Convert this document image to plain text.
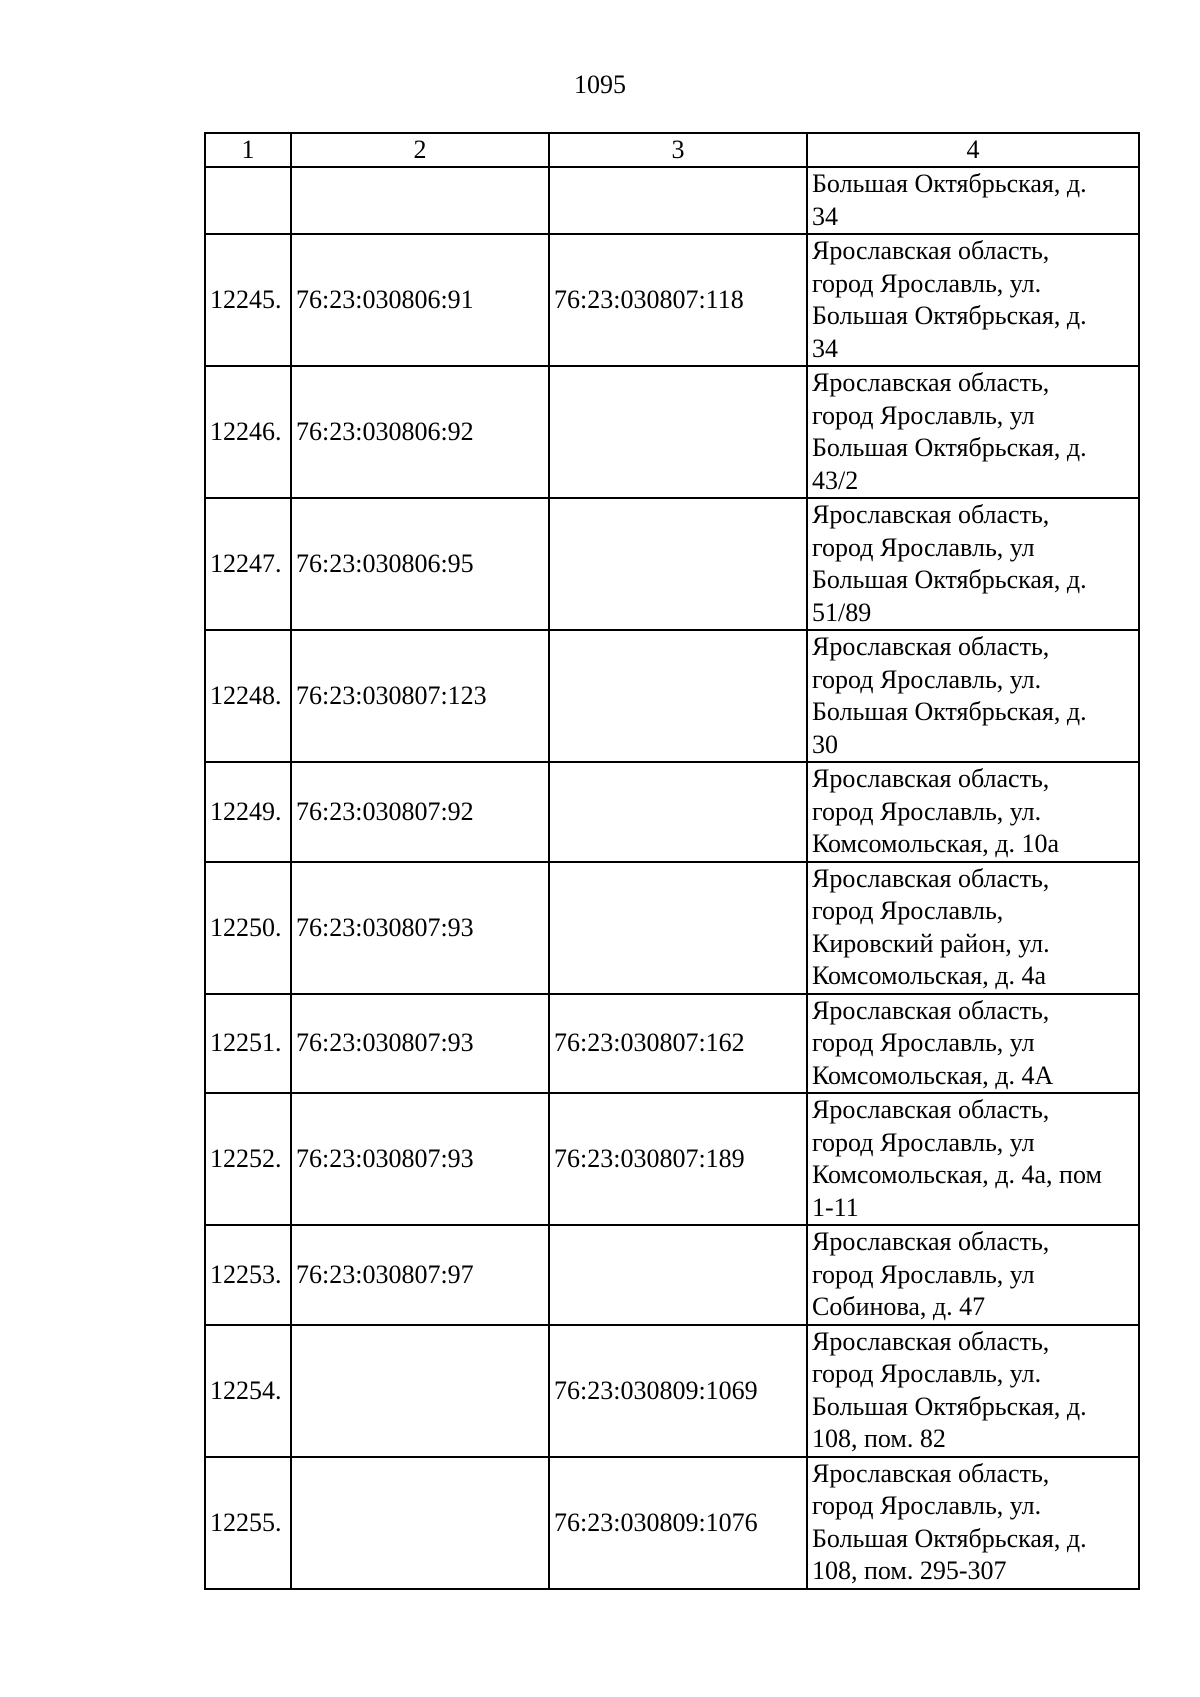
1095
1	2	3	4

			Большая Октябрьская, д.
34

12245.	76:23:030806:91	76:23:030807:118	Ярославская область,
город Ярославль, ул.
Большая Октябрьская, д.
34

12246.	76:23:030806:92		Ярославская область,
город Ярославль, ул
Большая Октябрьская, д.
43/2

12247.	76:23:030806:95		Ярославская область,
город Ярославль, ул
Большая Октябрьская, д.
51/89

12248.	76:23:030807:123		Ярославская область,
город Ярославль, ул.
Большая Октябрьская, д.
30

12249.	76:23:030807:92		Ярославская область,
город Ярославль, ул.
Комсомольская, д. 10а

12250.	76:23:030807:93		Ярославская область,
город Ярославль,
Кировский район, ул.
Комсомольская, д. 4а

12251.	76:23:030807:93	76:23:030807:162	Ярославская область,
город Ярославль, ул
Комсомольская, д. 4А

12252.	76:23:030807:93	76:23:030807:189	Ярославская область,
город Ярославль, ул
Комсомольская, д. 4а, пом
1-11

12253.	76:23:030807:97		Ярославская область,
город Ярославль, ул
Собинова, д. 47

12254.		76:23:030809:1069	Ярославская область,
город Ярославль, ул.
Большая Октябрьская, д.
108, пом. 82

12255.		76:23:030809:1076	Ярославская область,
город Ярославль, ул.
Большая Октябрьская, д.
108, пом. 295-307
